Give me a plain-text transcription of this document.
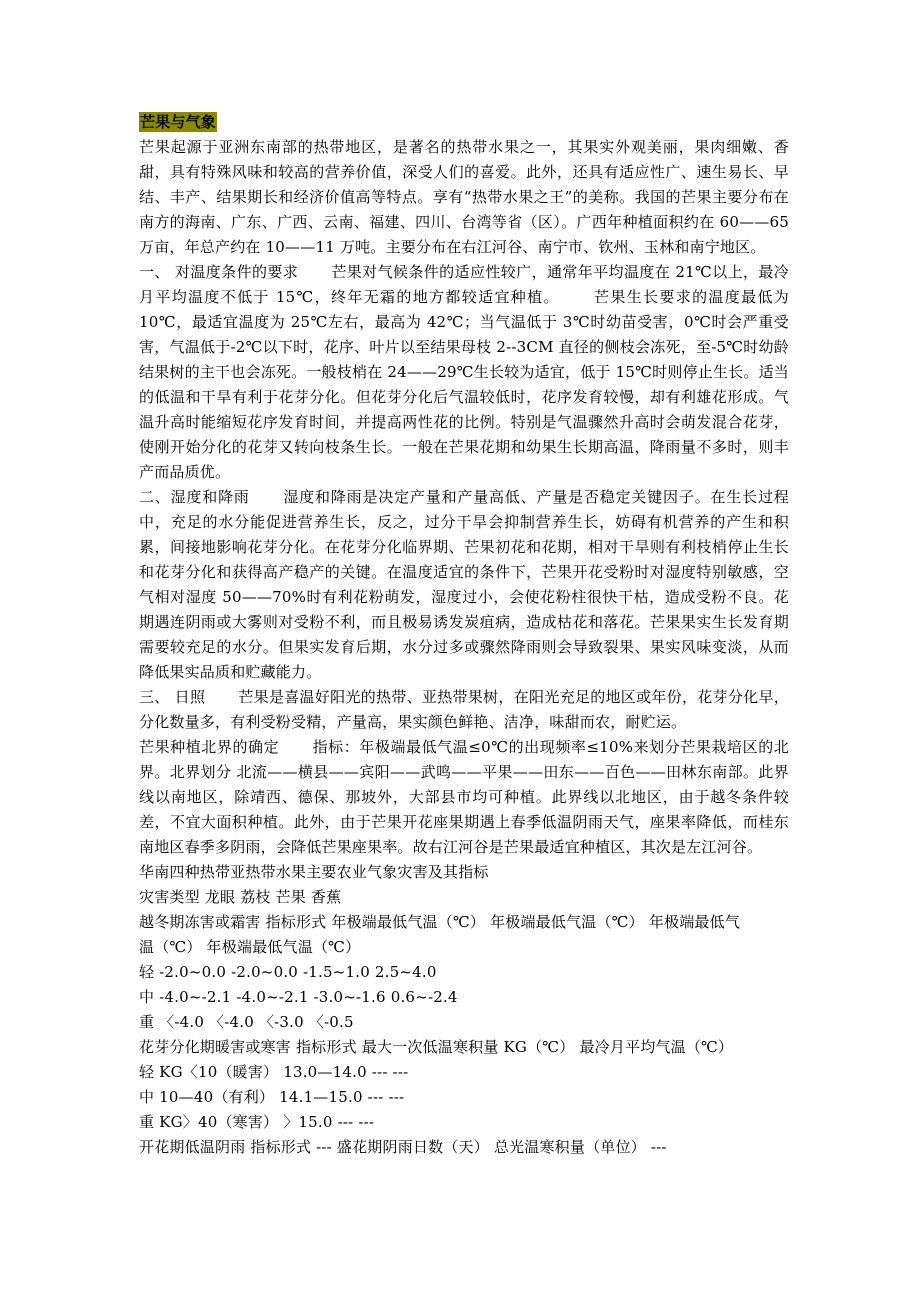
芒果与气象

芒果起源于亚洲东南部的热带地区，是著名的热带水果之一，其果实外观美丽，果肉细嫩、香甜，具有特殊风味和较高的营养价值，深受人们的喜爱。此外，还具有适应性广、速生易长、早结、丰产、结果期长和经济价值高等特点。享有“热带水果之王”的美称。我国的芒果主要分布在南方的海南、广东、广西、云南、福建、四川、台湾等省（区）。广西年种植面积约在 60——65 万亩，年总产约在 10——11 万吨。主要分布在右江河谷、南宁市、钦州、玉林和南宁地区。

一、 对温度条件的要求 芒果对气候条件的适应性较广，通常年平均温度在 21℃以上，最冷月平均温度不低于 15℃，终年无霜的地方都较适宜种植。 芒果生长要求的温度最低为 10℃，最适宜温度为 25℃左右，最高为 42℃；当气温低于 3℃时幼苗受害，0℃时会严重受害，气温低于-2℃以下时，花序、叶片以至结果母枝 2--3CM 直径的侧枝会冻死，至-5℃时幼龄结果树的主干也会冻死。一般枝梢在 24——29℃生长较为适宜，低于 15℃时则停止生长。适当的低温和干旱有利于花芽分化。但花芽分化后气温较低时，花序发育较慢，却有利雄花形成。气温升高时能缩短花序发育时间，并提高两性花的比例。特别是气温骤然升高时会萌发混合花芽，使刚开始分化的花芽又转向枝条生长。一般在芒果花期和幼果生长期高温，降雨量不多时，则丰产而品质优。

二、湿度和降雨 湿度和降雨是决定产量和产量高低、产量是否稳定关键因子。在生长过程中，充足的水分能促进营养生长，反之，过分干旱会抑制营养生长，妨碍有机营养的产生和积累，间接地影响花芽分化。在花芽分化临界期、芒果初花和花期，相对干旱则有利枝梢停止生长和花芽分化和获得高产稳产的关键。在温度适宜的条件下，芒果开花受粉时对湿度特别敏感，空气相对湿度 50——70%时有利花粉萌发，湿度过小，会使花粉柱很快干枯，造成受粉不良。花期遇连阴雨或大雾则对受粉不利，而且极易诱发炭疽病，造成枯花和落花。芒果果实生长发育期需要较充足的水分。但果实发育后期，水分过多或骤然降雨则会导致裂果、果实风味变淡，从而降低果实品质和贮藏能力。

三、 日照 芒果是喜温好阳光的热带、亚热带果树，在阳光充足的地区或年份，花芽分化早，分化数量多，有利受粉受精，产量高，果实颜色鲜艳、洁净，味甜而农，耐贮运。

芒果种植北界的确定 指标：年极端最低气温≤0℃的出现频率≤10%来划分芒果栽培区的北界。北界划分 北流——横县——宾阳——武鸣——平果——田东——百色——田林东南部。此界线以南地区，除靖西、德保、那坡外，大部县市均可种植。此界线以北地区，由于越冬条件较差，不宜大面积种植。此外，由于芒果开花座果期遇上春季低温阴雨天气，座果率降低，而桂东南地区春季多阴雨，会降低芒果座果率。故右江河谷是芒果最适宜种植区，其次是左江河谷。

华南四种热带亚热带水果主要农业气象灾害及其指标

灾害类型 龙眼 荔枝 芒果 香蕉

越冬期冻害或霜害 指标形式 年极端最低气温（℃） 年极端最低气温（℃） 年极端最低气

温（℃） 年极端最低气温（℃）

轻 -2.0~0.0 -2.0~0.0 -1.5~1.0 2.5~4.0

中 -4.0~-2.1 -4.0~-2.1 -3.0~-1.6 0.6~-2.4

重 〈-4.0 〈-4.0 〈-3.0 〈-0.5

花芽分化期暖害或寒害 指标形式 最大一次低温寒积量 KG（℃） 最冷月平均气温（℃）

轻 KG〈10（暖害） 13.0—14.0 --- ---

中 10—40（有利） 14.1—15.0 --- ---

重 KG〉40（寒害） 〉15.0 --- ---

开花期低温阴雨 指标形式 --- 盛花期阴雨日数（天） 总光温寒积量（单位） ---
